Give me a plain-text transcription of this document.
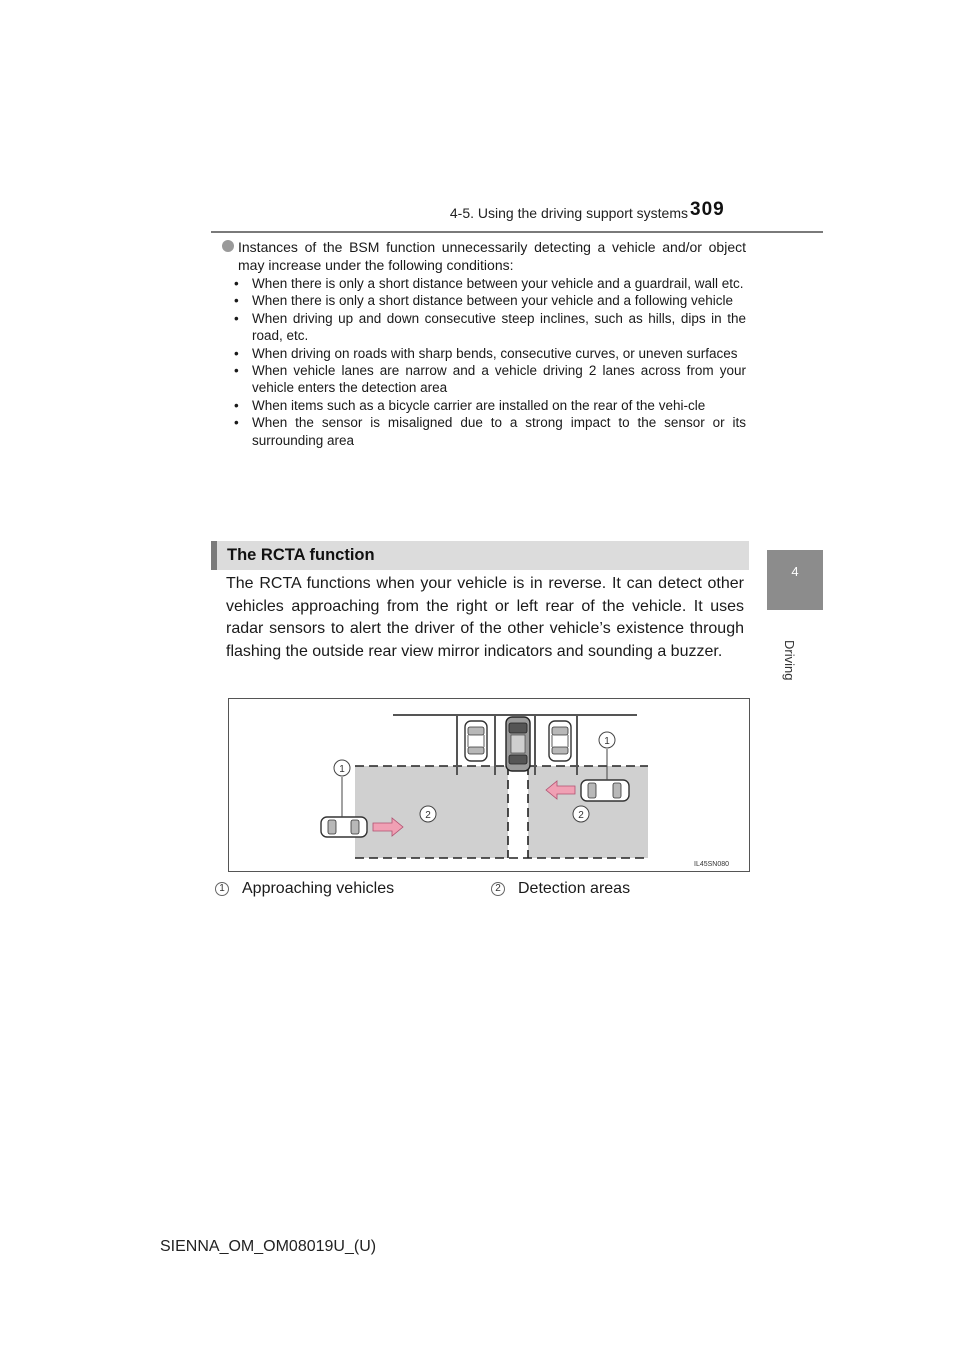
4-5. Using the driving support systems 309
4
Driving
Instances of the BSM function unnecessarily detecting a vehicle and/or object may increase under the following conditions:
• When there is only a short distance between your vehicle and a guardrail, wall etc.
• When there is only a short distance between your vehicle and a following vehicle
• When driving up and down consecutive steep inclines, such as hills, dips in the road, etc.
• When driving on roads with sharp bends, consecutive curves, or uneven surfaces
• When vehicle lanes are narrow and a vehicle driving 2 lanes across from your vehicle enters the detection area
• When items such as a bicycle carrier are installed on the rear of the vehi-cle
• When the sensor is misaligned due to a strong impact to the sensor or its surrounding area
The RCTA function
The RCTA functions when your vehicle is in reverse. It can detect other vehicles approaching from the right or left rear of the vehicle. It uses radar sensors to alert the driver of the other vehicle’s existence through flashing the outside rear view mirror indicators and sounding a buzzer.
1
1
2	2
IL45SN080
1 Approaching vehicles	2 Detection areas
SIENNA_OM_OM08019U_(U)
